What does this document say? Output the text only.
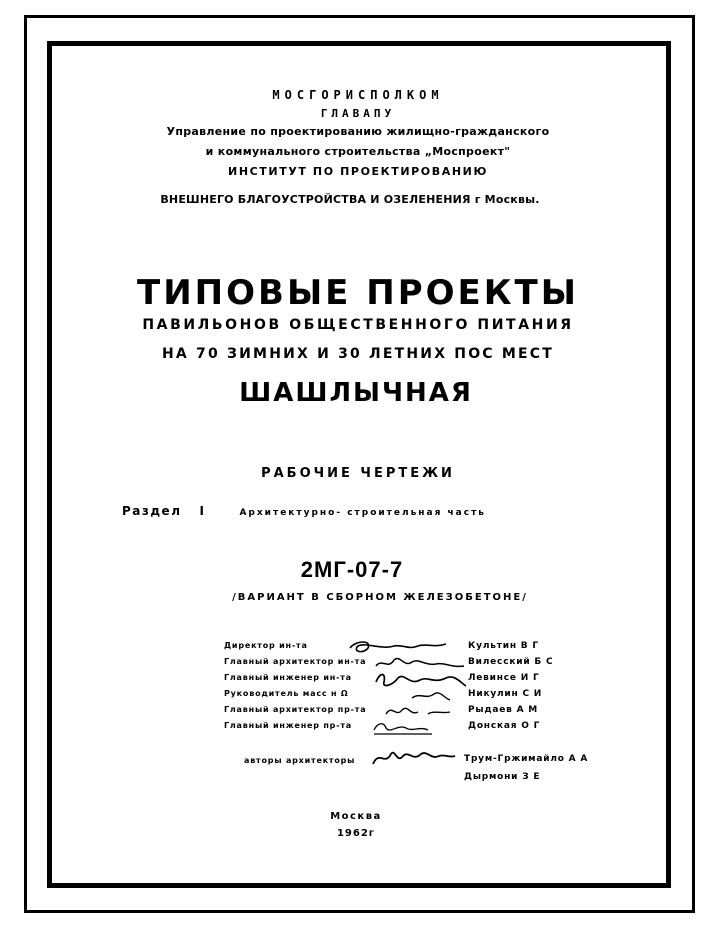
МОСГОРИСПОЛКОМ
ГЛАВАПУ
Управление по проектированию жилищно-гражданского
и коммунального строительства „Моспроект"
ИНСТИТУТ ПО ПРОЕКТИРОВАНИЮ
ВНЕШНЕГО БЛАГОУСТРОЙСТВА И ОЗЕЛЕНЕНИЯ г Москвы.
ТИПОВЫЕ ПРОЕКТЫ
ПАВИЛЬОНОВ ОБЩЕСТВЕННОГО ПИТАНИЯ
НА 70 ЗИМНИХ И 30 ЛЕТНИХ ПОС МЕСТ
ШАШЛЫЧНАЯ
РАБОЧИЕ ЧЕРТЕЖИ
Раздел I	Архитектурно- строительная часть
2МГ-07-7
/ВАРИАНТ В СБОРНОМ ЖЕЛЕЗОБЕТОНЕ/
Директор ин-та	Культин В Г
Главный архитектор ин-та	Вилесский Б С
Главный инженер ин-та	Левинсе И Г
Руководитель масс н Ω	Никулин С И
Главный архитектор пр-та	Рыдаев А М
Главный инженер пр-та	Донская О Г
авторы архитекторы	Трум-Гржимайло А А
Дырмони З Е
Москва
1962г
